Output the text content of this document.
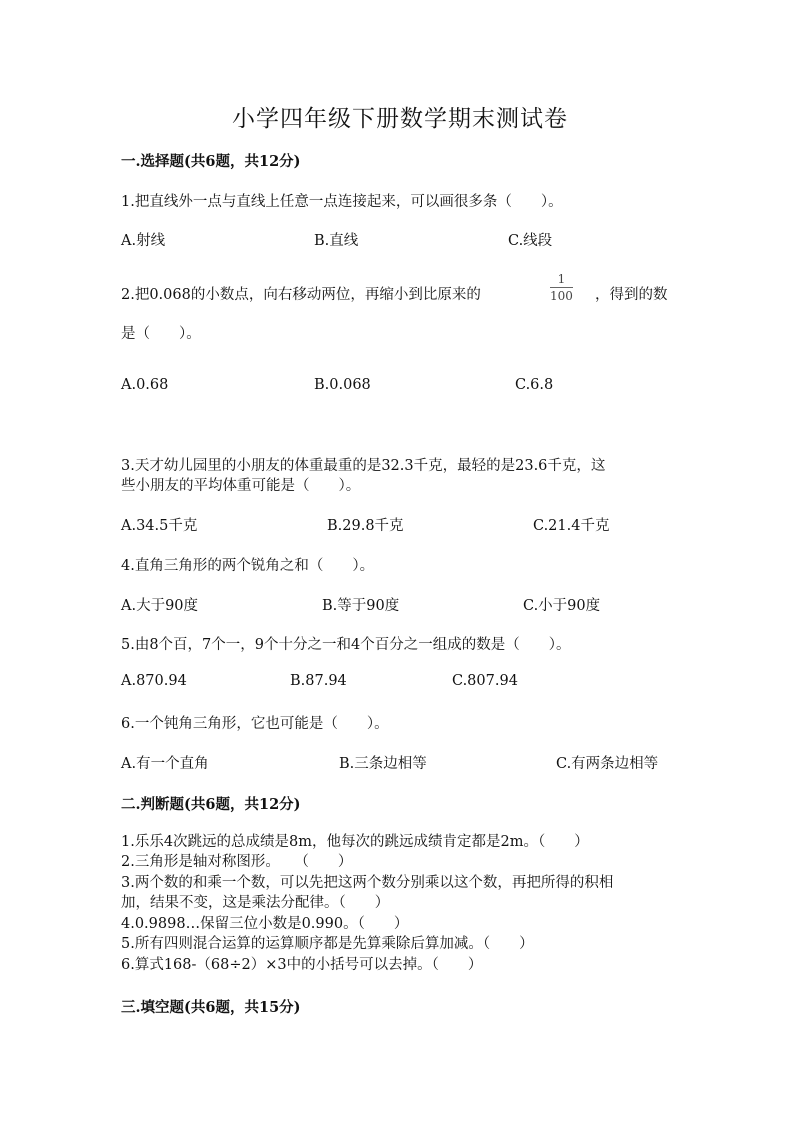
小学四年级下册数学期末测试卷
一.选择题(共6题，共12分)
1.把直线外一点与直线上任意一点连接起来，可以画很多条（　　）。
A.射线	B.直线	C.线段
2.把0.068的小数点，向右移动两位，再缩小到比原来的	$\frac{1}{100}$ ，得到的数
是（　　）。
A.0.68	B.0.068	C.6.8
3.天才幼儿园里的小朋友的体重最重的是32.3千克，最轻的是23.6千克，这
些小朋友的平均体重可能是（　　）。
A.34.5千克	B.29.8千克	C.21.4千克
4.直角三角形的两个锐角之和（　　）。
A.大于90度	B.等于90度	C.小于90度
5.由8个百，7个一，9个十分之一和4个百分之一组成的数是（　　）。
A.870.94	B.87.94	C.807.94
6.一个钝角三角形，它也可能是（　　）。
A.有一个直角	B.三条边相等	C.有两条边相等
二.判断题(共6题，共12分)
1.乐乐4次跳远的总成绩是8m，他每次的跳远成绩肯定都是2m。（　　）
2.三角形是轴对称图形。　　（　　）
3.两个数的和乘一个数，可以先把这两个数分别乘以这个数，再把所得的积相
加，结果不变，这是乘法分配律。（　　）
4.0.9898…保留三位小数是0.990。（　　）
5.所有四则混合运算的运算顺序都是先算乘除后算加减。（　　）
6.算式168-（68÷2）×3中的小括号可以去掉。（　　）
三.填空题(共6题，共15分)
